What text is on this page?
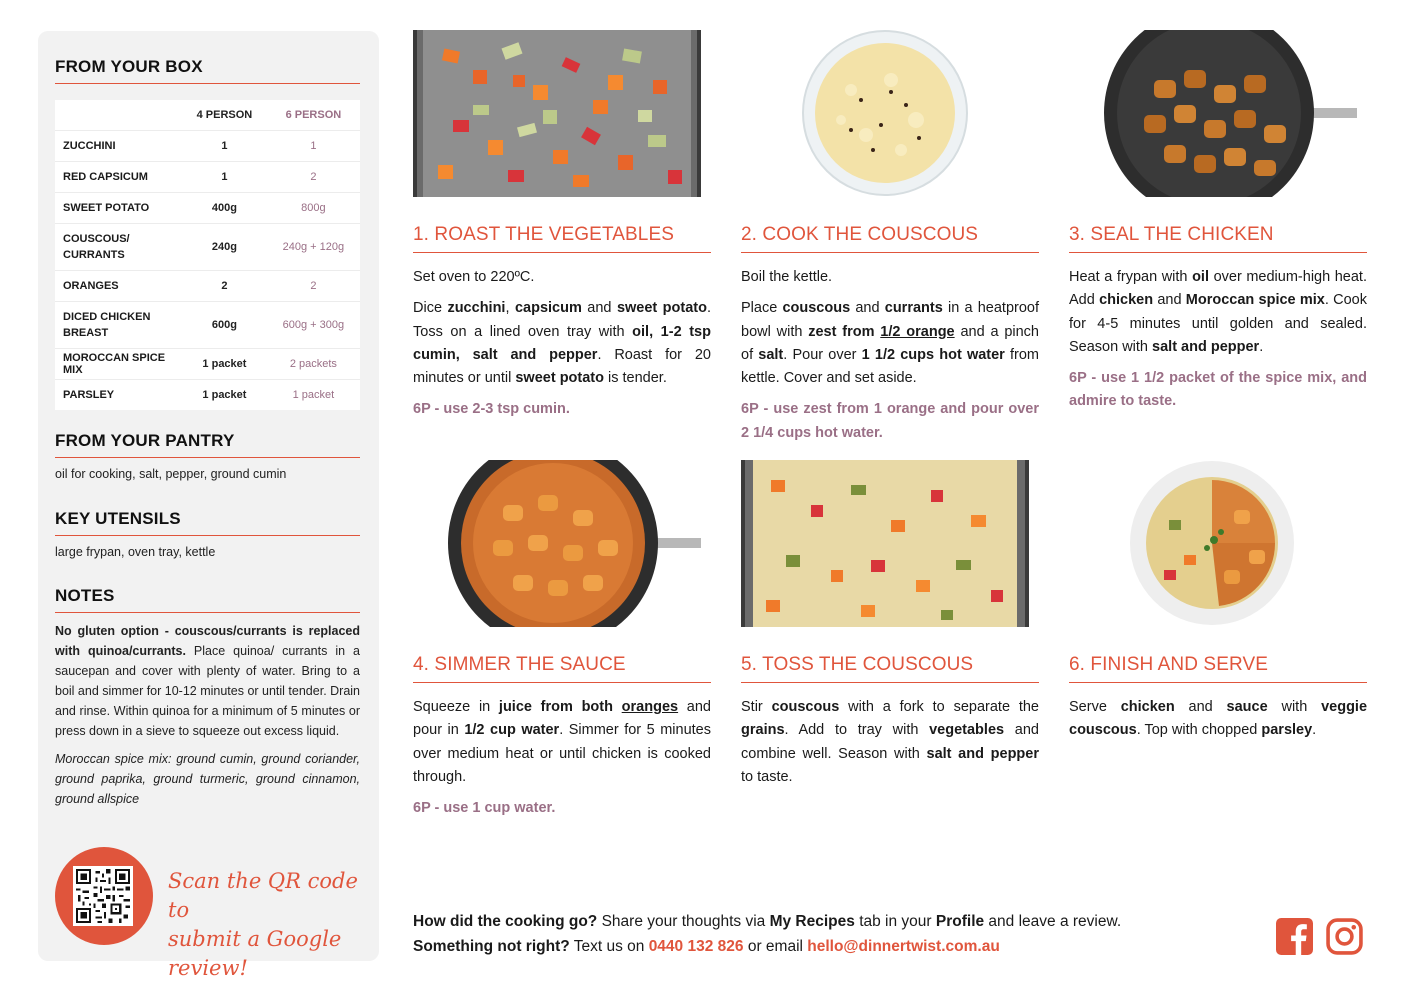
FROM YOUR BOX
	4 PERSON	6 PERSON
ZUCCHINI	1	1
RED CAPSICUM	1	2
SWEET POTATO	400g	800g
COUSCOUS/ CURRANTS	240g	240g + 120g
ORANGES	2	2
DICED CHICKEN BREAST	600g	600g + 300g
MOROCCAN SPICE MIX	1 packet	2 packets
PARSLEY	1 packet	1 packet
FROM YOUR PANTRY
oil for cooking, salt, pepper, ground cumin
KEY UTENSILS
large frypan, oven tray, kettle
NOTES

No gluten option - couscous/currants is replaced with quinoa/currants. Place quinoa/ currants in a saucepan and cover with plenty of water. Bring to a boil and simmer for 10-12 minutes or until tender. Drain and rinse. Within quinoa for a minimum of 5 minutes or press down in a sieve to squeeze out excess liquid.

Moroccan spice mix: ground cumin, ground coriander, ground paprika, ground turmeric, ground cinnamon, ground allspice

Scan the QR code to
submit a Google review!
1. ROAST THE VEGETABLES

Set oven to 220ºC.

Dice zucchini, capsicum and sweet potato. Toss on a lined oven tray with oil, 1-2 tsp cumin, salt and pepper. Roast for 20 minutes or until sweet potato is tender.

6P - use 2-3 tsp cumin.

2. COOK THE COUSCOUS

Boil the kettle.

Place couscous and currants in a heatproof bowl with zest from 1/2 orange and a pinch of salt. Pour over 1 1/2 cups hot water from kettle. Cover and set aside.

6P - use zest from 1 orange and pour over 2 1/4 cups hot water.

3. SEAL THE CHICKEN

Heat a frypan with oil over medium-high heat. Add chicken and Moroccan spice mix. Cook for 4-5 minutes until golden and sealed. Season with salt and pepper.

6P - use 1 1/2 packet of the spice mix, and admire to taste.

4. SIMMER THE SAUCE

Squeeze in juice from both oranges and pour in 1/2 cup water. Simmer for 5 minutes over medium heat or until chicken is cooked through.

6P - use 1 cup water.

5. TOSS THE COUSCOUS

Stir couscous with a fork to separate the grains. Add to tray with vegetables and combine well. Season with salt and pepper to taste.

6. FINISH AND SERVE

Serve chicken and sauce with veggie couscous. Top with chopped parsley.

How did the cooking go? Share your thoughts via My Recipes tab in your Profile and leave a review.
Something not right? Text us on 0440 132 826 or email hello@dinnertwist.com.au
